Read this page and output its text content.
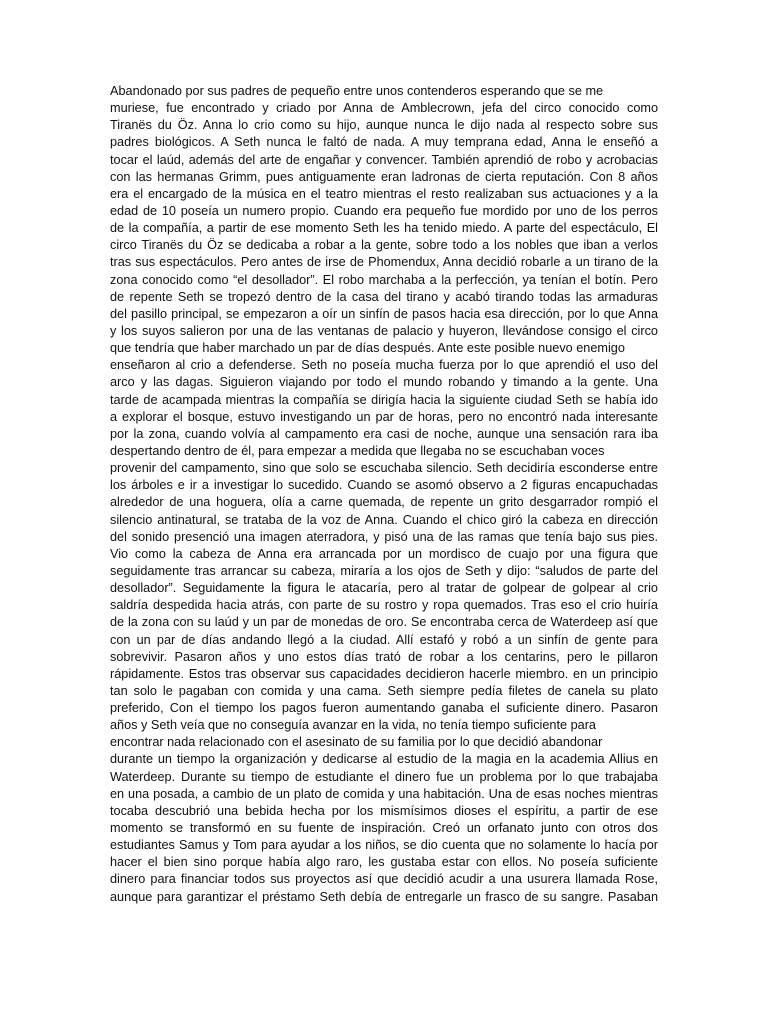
Abandonado por sus padres de pequeño entre unos contenderos esperando que se me
muriese, fue encontrado y criado por Anna de Amblecrown, jefa del circo conocido como
Tiranës du Öz. Anna lo crio como su hijo, aunque nunca le dijo nada al respecto sobre sus
padres biológicos. A Seth nunca le faltó de nada. A muy temprana edad, Anna le enseñó a
tocar el laúd, además del arte de engañar y convencer. También aprendió de robo y acrobacias
con las hermanas Grimm, pues antiguamente eran ladronas de cierta reputación. Con 8 años
era el encargado de la música en el teatro mientras el resto realizaban sus actuaciones y a la
edad de 10 poseía un numero propio. Cuando era pequeño fue mordido por uno de los perros
de la compañía, a partir de ese momento Seth les ha tenido miedo. A parte del espectáculo, El
circo Tiranës du Öz se dedicaba a robar a la gente, sobre todo a los nobles que iban a verlos
tras sus espectáculos. Pero antes de irse de Phomendux, Anna decidió robarle a un tirano de la
zona conocido como “el desollador”. El robo marchaba a la perfección, ya tenían el botín. Pero
de repente Seth se tropezó dentro de la casa del tirano y acabó tirando todas las armaduras
del pasillo principal, se empezaron a oír un sinfín de pasos hacia esa dirección, por lo que Anna
y los suyos salieron por una de las ventanas de palacio y huyeron, llevándose consigo el circo
que tendría que haber marchado un par de días después. Ante este posible nuevo enemigo
enseñaron al crio a defenderse. Seth no poseía mucha fuerza por lo que aprendió el uso del
arco y las dagas. Siguieron viajando por todo el mundo robando y timando a la gente. Una
tarde de acampada mientras la compañía se dirigía hacia la siguiente ciudad Seth se había ido
a explorar el bosque, estuvo investigando un par de horas, pero no encontró nada interesante
por la zona, cuando volvía al campamento era casi de noche, aunque una sensación rara iba
despertando dentro de él, para empezar a medida que llegaba no se escuchaban voces
provenir del campamento, sino que solo se escuchaba silencio. Seth decidiría esconderse entre
los árboles e ir a investigar lo sucedido. Cuando se asomó observo a 2 figuras encapuchadas
alrededor de una hoguera, olía a carne quemada, de repente un grito desgarrador rompió el
silencio antinatural, se trataba de la voz de Anna. Cuando el chico giró la cabeza en dirección
del sonido presenció una imagen aterradora, y pisó una de las ramas que tenía bajo sus pies.
Vio como la cabeza de Anna era arrancada por un mordisco de cuajo por una figura que
seguidamente tras arrancar su cabeza, miraría a los ojos de Seth y dijo: “saludos de parte del
desollador”. Seguidamente la figura le atacaría, pero al tratar de golpear de golpear al crio
saldría despedida hacia atrás, con parte de su rostro y ropa quemados. Tras eso el crio huiría
de la zona con su laúd y un par de monedas de oro. Se encontraba cerca de Waterdeep así que
con un par de días andando llegó a la ciudad. Allí estafó y robó a un sinfín de gente para
sobrevivir. Pasaron años y uno estos días trató de robar a los centarins, pero le pillaron
rápidamente. Estos tras observar sus capacidades decidieron hacerle miembro. en un principio
tan solo le pagaban con comida y una cama. Seth siempre pedía filetes de canela su plato
preferido, Con el tiempo los pagos fueron aumentando ganaba el suficiente dinero. Pasaron
años y Seth veía que no conseguía avanzar en la vida, no tenía tiempo suficiente para
encontrar nada relacionado con el asesinato de su familia por lo que decidió abandonar
durante un tiempo la organización y dedicarse al estudio de la magia en la academia Allius en
Waterdeep. Durante su tiempo de estudiante el dinero fue un problema por lo que trabajaba
en una posada, a cambio de un plato de comida y una habitación. Una de esas noches mientras
tocaba descubrió una bebida hecha por los mismísimos dioses el espíritu, a partir de ese
momento se transformó en su fuente de inspiración. Creó un orfanato junto con otros dos
estudiantes Samus y Tom para ayudar a los niños, se dio cuenta que no solamente lo hacía por
hacer el bien sino porque había algo raro, les gustaba estar con ellos. No poseía suficiente
dinero para financiar todos sus proyectos así que decidió acudir a una usurera llamada Rose,
aunque para garantizar el préstamo Seth debía de entregarle un frasco de su sangre. Pasaban
